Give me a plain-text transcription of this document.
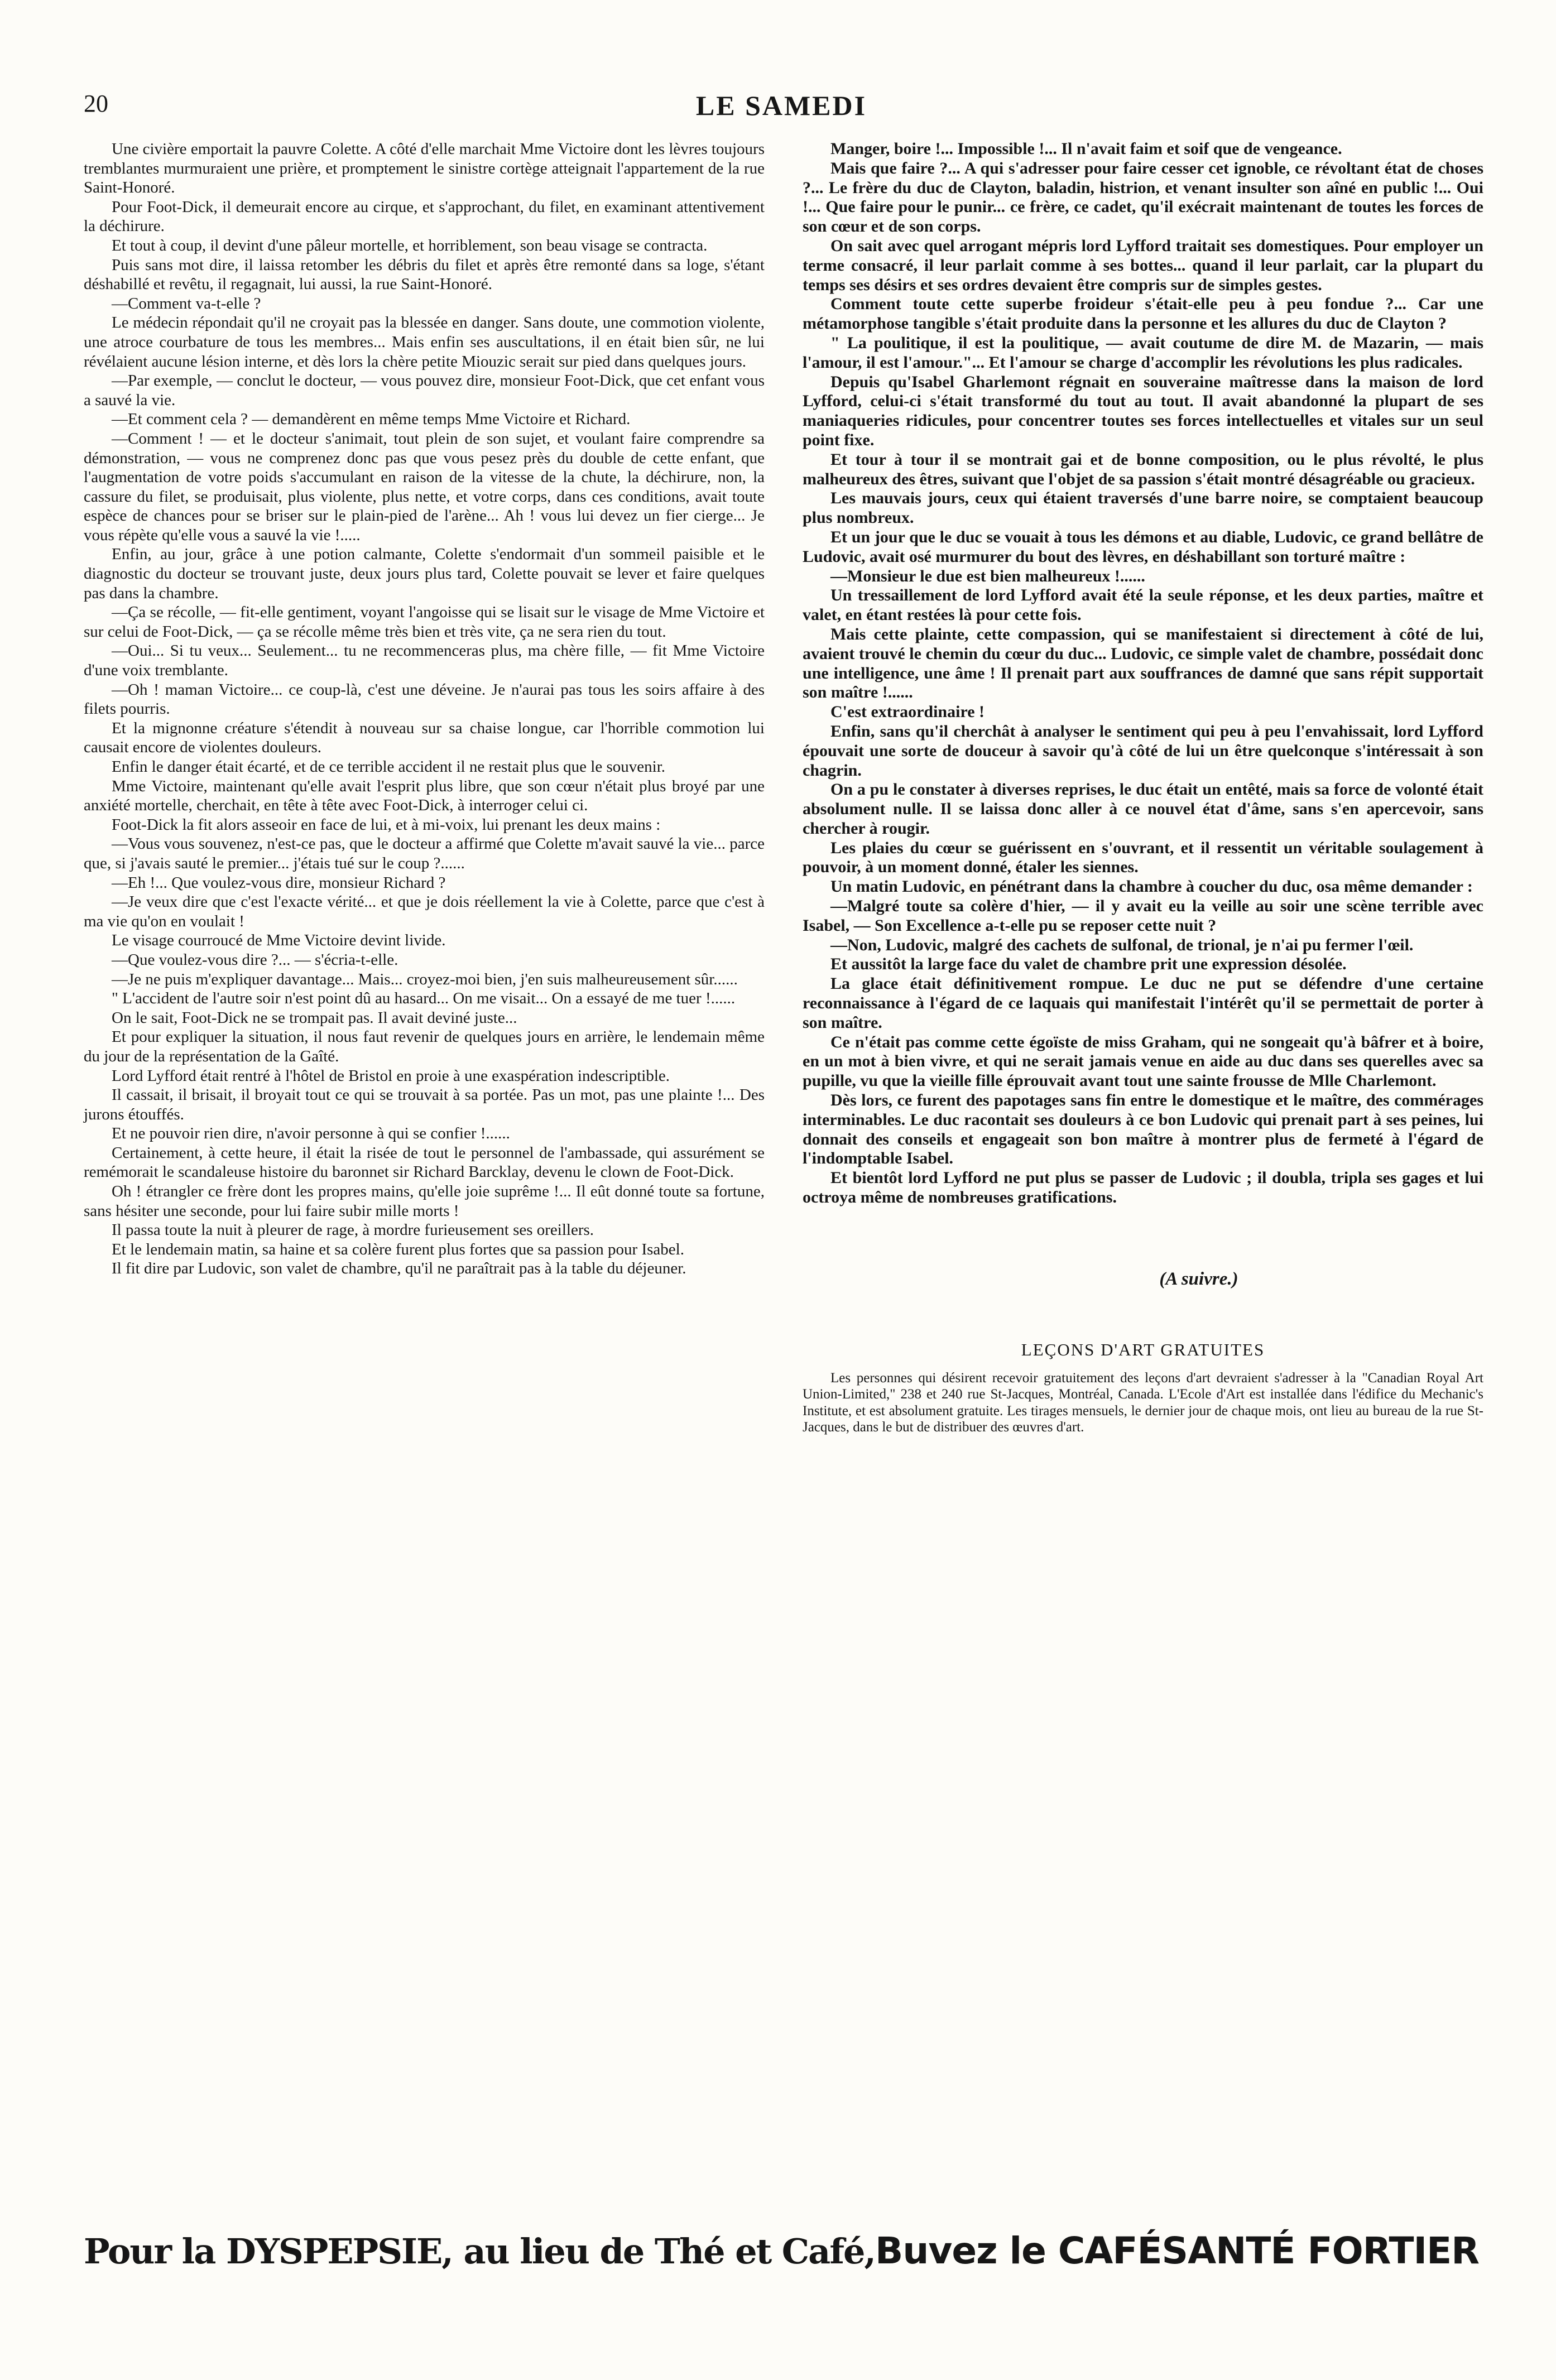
20	LE SAMEDI

Une civière emportait la pauvre Colette. A côté d'elle marchait Mme Victoire dont les lèvres toujours tremblantes murmuraient une prière, et promptement le sinistre cortège atteignait l'appartement de la rue Saint-Honoré.

Pour Foot-Dick, il demeurait encore au cirque, et s'approchant, du filet, en examinant attentivement la déchirure.

Et tout à coup, il devint d'une pâleur mortelle, et horriblement, son beau visage se contracta.

Puis sans mot dire, il laissa retomber les débris du filet et après être remonté dans sa loge, s'étant déshabillé et revêtu, il regagnait, lui aussi, la rue Saint-Honoré.

—Comment va-t-elle ?

Le médecin répondait qu'il ne croyait pas la blessée en danger. Sans doute, une commotion violente, une atroce courbature de tous les membres... Mais enfin ses auscultations, il en était bien sûr, ne lui révélaient aucune lésion interne, et dès lors la chère petite Miouzic serait sur pied dans quelques jours.

—Par exemple, — conclut le docteur, — vous pouvez dire, monsieur Foot-Dick, que cet enfant vous a sauvé la vie.

—Et comment cela ? — demandèrent en même temps Mme Victoire et Richard.

—Comment ! — et le docteur s'animait, tout plein de son sujet, et voulant faire comprendre sa démonstration, — vous ne comprenez donc pas que vous pesez près du double de cette enfant, que l'augmentation de votre poids s'accumulant en raison de la vitesse de la chute, la déchirure, non, la cassure du filet, se produisait, plus violente, plus nette, et votre corps, dans ces conditions, avait toute espèce de chances pour se briser sur le plain-pied de l'arène... Ah ! vous lui devez un fier cierge... Je vous répète qu'elle vous a sauvé la vie !.....

Enfin, au jour, grâce à une potion calmante, Colette s'endormait d'un sommeil paisible et le diagnostic du docteur se trouvant juste, deux jours plus tard, Colette pouvait se lever et faire quelques pas dans la chambre.

—Ça se récolle, — fit-elle gentiment, voyant l'angoisse qui se lisait sur le visage de Mme Victoire et sur celui de Foot-Dick, — ça se récolle même très bien et très vite, ça ne sera rien du tout.

—Oui... Si tu veux... Seulement... tu ne recommenceras plus, ma chère fille, — fit Mme Victoire d'une voix tremblante.

—Oh ! maman Victoire... ce coup-là, c'est une déveine. Je n'aurai pas tous les soirs affaire à des filets pourris.

Et la mignonne créature s'étendit à nouveau sur sa chaise longue, car l'horrible commotion lui causait encore de violentes douleurs.

Enfin le danger était écarté, et de ce terrible accident il ne restait plus que le souvenir.

Mme Victoire, maintenant qu'elle avait l'esprit plus libre, que son cœur n'était plus broyé par une anxiété mortelle, cherchait, en tête à tête avec Foot-Dick, à interroger celui ci.

Foot-Dick la fit alors asseoir en face de lui, et à mi-voix, lui prenant les deux mains :

—Vous vous souvenez, n'est-ce pas, que le docteur a affirmé que Colette m'avait sauvé la vie... parce que, si j'avais sauté le premier... j'étais tué sur le coup ?......

—Eh !... Que voulez-vous dire, monsieur Richard ?

—Je veux dire que c'est l'exacte vérité... et que je dois réellement la vie à Colette, parce que c'est à ma vie qu'on en voulait !

Le visage courroucé de Mme Victoire devint livide.

—Que voulez-vous dire ?... — s'écria-t-elle.

—Je ne puis m'expliquer davantage... Mais... croyez-moi bien, j'en suis malheureusement sûr......

" L'accident de l'autre soir n'est point dû au hasard... On me visait... On a essayé de me tuer !......

On le sait, Foot-Dick ne se trompait pas. Il avait deviné juste...

Et pour expliquer la situation, il nous faut revenir de quelques jours en arrière, le lendemain même du jour de la représentation de la Gaîté.

Lord Lyfford était rentré à l'hôtel de Bristol en proie à une exaspération indescriptible.

Il cassait, il brisait, il broyait tout ce qui se trouvait à sa portée. Pas un mot, pas une plainte !... Des jurons étouffés.

Et ne pouvoir rien dire, n'avoir personne à qui se confier !......

Certainement, à cette heure, il était la risée de tout le personnel de l'ambassade, qui assurément se remémorait le scandaleuse histoire du baronnet sir Richard Barcklay, devenu le clown de Foot-Dick.

Oh ! étrangler ce frère dont les propres mains, qu'elle joie suprême !... Il eût donné toute sa fortune, sans hésiter une seconde, pour lui faire subir mille morts !

Il passa toute la nuit à pleurer de rage, à mordre furieusement ses oreillers.

Et le lendemain matin, sa haine et sa colère furent plus fortes que sa passion pour Isabel.

Il fit dire par Ludovic, son valet de chambre, qu'il ne paraîtrait pas à la table du déjeuner.

Manger, boire !... Impossible !... Il n'avait faim et soif que de vengeance.

Mais que faire ?... A qui s'adresser pour faire cesser cet ignoble, ce révoltant état de choses ?... Le frère du duc de Clayton, baladin, histrion, et venant insulter son aîné en public !... Oui !... Que faire pour le punir... ce frère, ce cadet, qu'il exécrait maintenant de toutes les forces de son cœur et de son corps.

On sait avec quel arrogant mépris lord Lyfford traitait ses domestiques. Pour employer un terme consacré, il leur parlait comme à ses bottes... quand il leur parlait, car la plupart du temps ses désirs et ses ordres devaient être compris sur de simples gestes.

Comment toute cette superbe froideur s'était-elle peu à peu fondue ?... Car une métamorphose tangible s'était produite dans la personne et les allures du duc de Clayton ?

" La poulitique, il est la poulitique, — avait coutume de dire M. de Mazarin, — mais l'amour, il est l'amour."... Et l'amour se charge d'accomplir les révolutions les plus radicales.

Depuis qu'Isabel Gharlemont régnait en souveraine maîtresse dans la maison de lord Lyfford, celui-ci s'était transformé du tout au tout. Il avait abandonné la plupart de ses maniaqueries ridicules, pour concentrer toutes ses forces intellectuelles et vitales sur un seul point fixe.

Et tour à tour il se montrait gai et de bonne composition, ou le plus révolté, le plus malheureux des êtres, suivant que l'objet de sa passion s'était montré désagréable ou gracieux.

Les mauvais jours, ceux qui étaient traversés d'une barre noire, se comptaient beaucoup plus nombreux.

Et un jour que le duc se vouait à tous les démons et au diable, Ludovic, ce grand bellâtre de Ludovic, avait osé murmurer du bout des lèvres, en déshabillant son torturé maître :

—Monsieur le due est bien malheureux !......

Un tressaillement de lord Lyfford avait été la seule réponse, et les deux parties, maître et valet, en étant restées là pour cette fois.

Mais cette plainte, cette compassion, qui se manifestaient si directement à côté de lui, avaient trouvé le chemin du cœur du duc... Ludovic, ce simple valet de chambre, possédait donc une intelligence, une âme ! Il prenait part aux souffrances de damné que sans répit supportait son maître !......

C'est extraordinaire !

Enfin, sans qu'il cherchât à analyser le sentiment qui peu à peu l'envahissait, lord Lyfford épouvait une sorte de douceur à savoir qu'à côté de lui un être quelconque s'intéressait à son chagrin.

On a pu le constater à diverses reprises, le duc était un entêté, mais sa force de volonté était absolument nulle. Il se laissa donc aller à ce nouvel état d'âme, sans s'en apercevoir, sans chercher à rougir.

Les plaies du cœur se guérissent en s'ouvrant, et il ressentit un véritable soulagement à pouvoir, à un moment donné, étaler les siennes.

Un matin Ludovic, en pénétrant dans la chambre à coucher du duc, osa même demander :

—Malgré toute sa colère d'hier, — il y avait eu la veille au soir une scène terrible avec Isabel, — Son Excellence a-t-elle pu se reposer cette nuit ?

—Non, Ludovic, malgré des cachets de sulfonal, de trional, je n'ai pu fermer l'œil.

Et aussitôt la large face du valet de chambre prit une expression désolée.

La glace était définitivement rompue. Le duc ne put se défendre d'une certaine reconnaissance à l'égard de ce laquais qui manifestait l'intérêt qu'il se permettait de porter à son maître.

Ce n'était pas comme cette égoïste de miss Graham, qui ne songeait qu'à bâfrer et à boire, en un mot à bien vivre, et qui ne serait jamais venue en aide au duc dans ses querelles avec sa pupille, vu que la vieille fille éprouvait avant tout une sainte frousse de Mlle Charlemont.

Dès lors, ce furent des papotages sans fin entre le domestique et le maître, des commérages interminables. Le duc racontait ses douleurs à ce bon Ludovic qui prenait part à ses peines, lui donnait des conseils et engageait son bon maître à montrer plus de fermeté à l'égard de l'indomptable Isabel.

Et bientôt lord Lyfford ne put plus se passer de Ludovic ; il doubla, tripla ses gages et lui octroya même de nombreuses gratifications.

(A suivre.)
LEÇONS D'ART GRATUITES

Les personnes qui désirent recevoir gratuitement des leçons d'art devraient s'adresser à la "Canadian Royal Art Union-Limited," 238 et 240 rue St-Jacques, Montréal, Canada. L'Ecole d'Art est installée dans l'édifice du Mechanic's Institute, et est absolument gratuite. Les tirages mensuels, le dernier jour de chaque mois, ont lieu au bureau de la rue St-Jacques, dans le but de distribuer des œuvres d'art.

Pour la DYSPEPSIE, au lieu de Thé et Café, Buvez le CAFÉSANTÉ FORTIER
